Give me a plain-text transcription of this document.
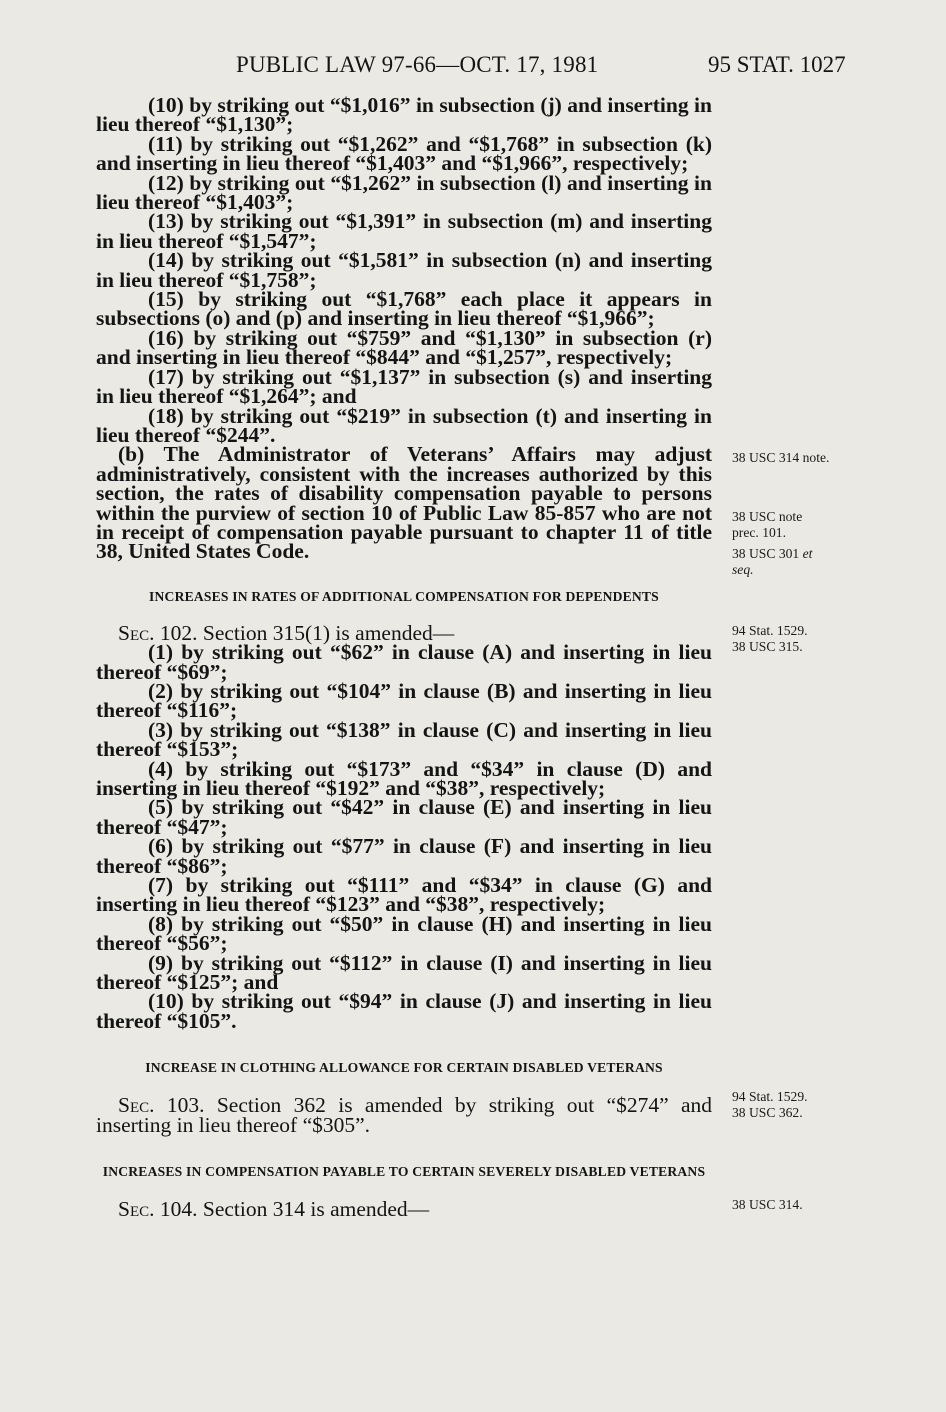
PUBLIC LAW 97-66—OCT. 17, 1981	95 STAT. 1027

(10) by striking out “$1,016” in subsection (j) and inserting in lieu thereof “$1,130”;

(11) by striking out “$1,262” and “$1,768” in subsection (k) and inserting in lieu thereof “$1,403” and “$1,966”, respectively;

(12) by striking out “$1,262” in subsection (l) and inserting in lieu thereof “$1,403”;

(13) by striking out “$1,391” in subsection (m) and inserting in lieu thereof “$1,547”;

(14) by striking out “$1,581” in subsection (n) and inserting in lieu thereof “$1,758”;

(15) by striking out “$1,768” each place it appears in subsections (o) and (p) and inserting in lieu thereof “$1,966”;

(16) by striking out “$759” and “$1,130” in subsection (r) and inserting in lieu thereof “$844” and “$1,257”, respectively;

(17) by striking out “$1,137” in subsection (s) and inserting in lieu thereof “$1,264”; and

(18) by striking out “$219” in subsection (t) and inserting in lieu thereof “$244”.

(b) The Administrator of Veterans’ Affairs may adjust administratively, consistent with the increases authorized by this section, the rates of disability compensation payable to persons within the purview of section 10 of Public Law 85-857 who are not in receipt of compensation payable pursuant to chapter 11 of title 38, United States Code.

INCREASES IN RATES OF ADDITIONAL COMPENSATION FOR DEPENDENTS

Sec. 102. Section 315(1) is amended—

(1) by striking out “$62” in clause (A) and inserting in lieu thereof “$69”;

(2) by striking out “$104” in clause (B) and inserting in lieu thereof “$116”;

(3) by striking out “$138” in clause (C) and inserting in lieu thereof “$153”;

(4) by striking out “$173” and “$34” in clause (D) and inserting in lieu thereof “$192” and “$38”, respectively;

(5) by striking out “$42” in clause (E) and inserting in lieu thereof “$47”;

(6) by striking out “$77” in clause (F) and inserting in lieu thereof “$86”;

(7) by striking out “$111” and “$34” in clause (G) and inserting in lieu thereof “$123” and “$38”, respectively;

(8) by striking out “$50” in clause (H) and inserting in lieu thereof “$56”;

(9) by striking out “$112” in clause (I) and inserting in lieu thereof “$125”; and

(10) by striking out “$94” in clause (J) and inserting in lieu thereof “$105”.

INCREASE IN CLOTHING ALLOWANCE FOR CERTAIN DISABLED VETERANS

Sec. 103. Section 362 is amended by striking out “$274” and inserting in lieu thereof “$305”.

INCREASES IN COMPENSATION PAYABLE TO CERTAIN SEVERELY DISABLED VETERANS

Sec. 104. Section 314 is amended—

38 USC 314 note.
38 USC note
prec. 101.
38 USC 301 et
seq.
94 Stat. 1529.
38 USC 315.
94 Stat. 1529.
38 USC 362.
38 USC 314.
